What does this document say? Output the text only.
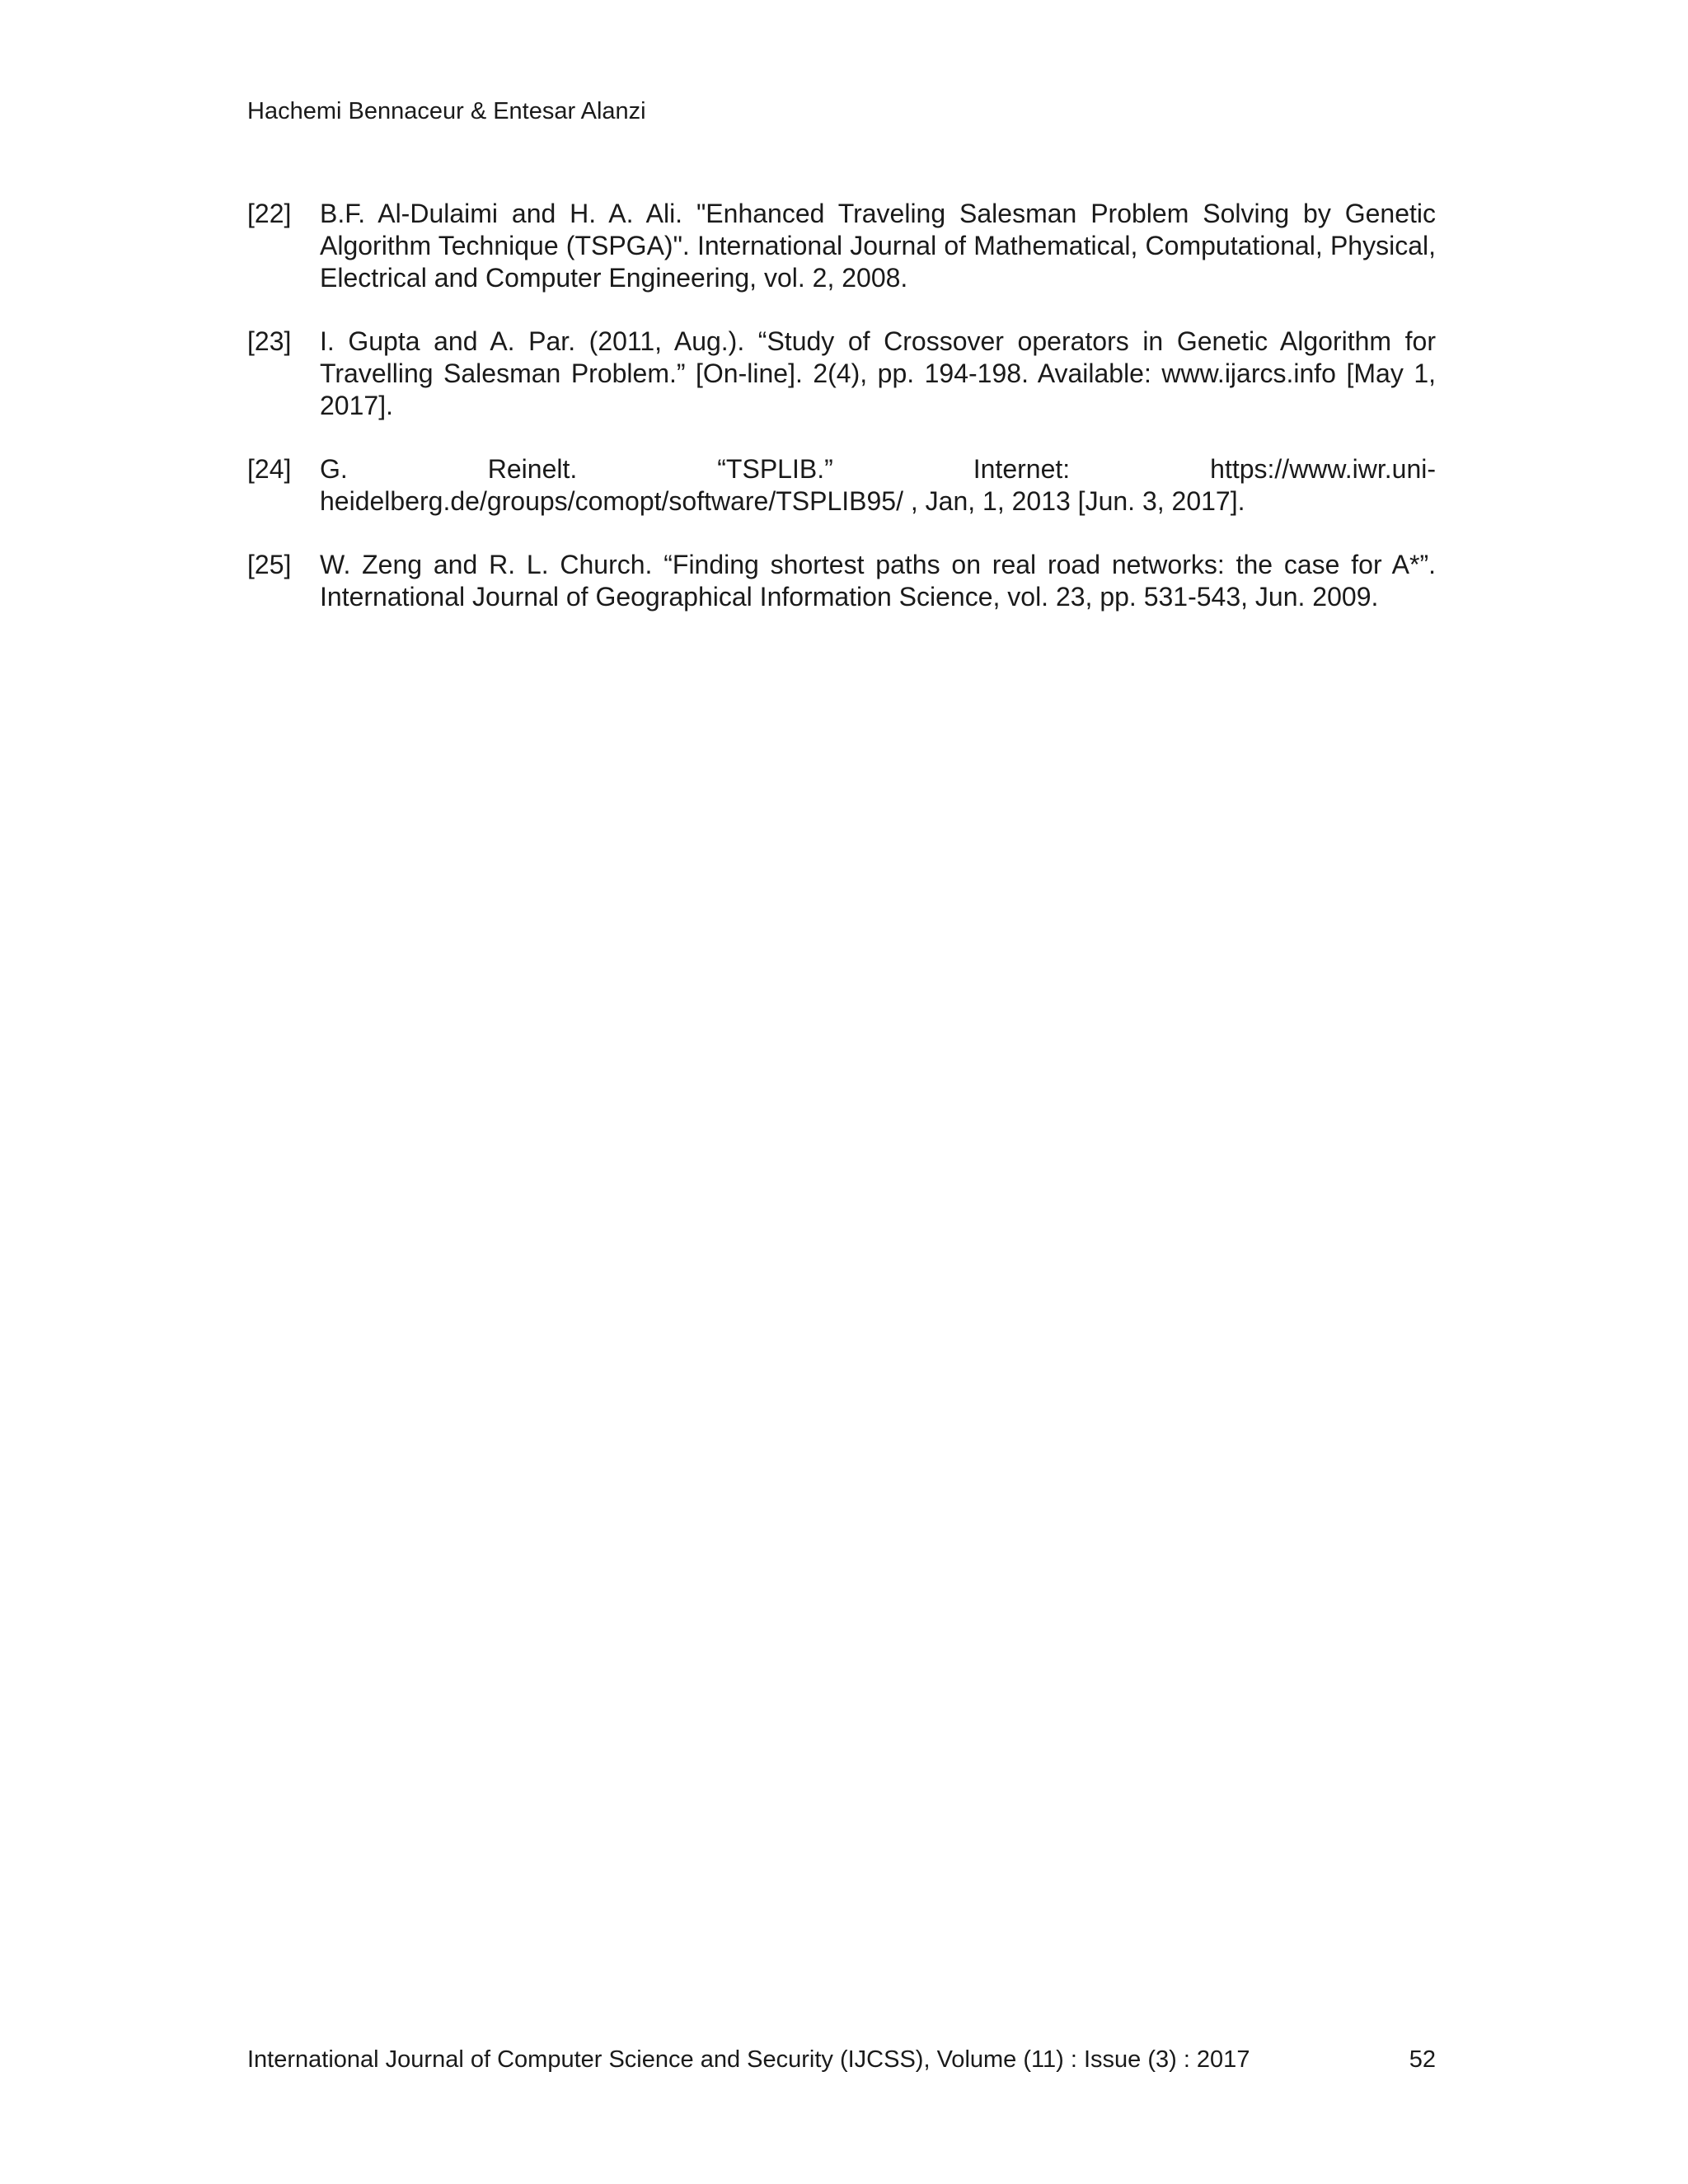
Hachemi Bennaceur & Entesar Alanzi
[22]	B.F. Al-Dulaimi and H. A. Ali. "Enhanced Traveling Salesman Problem Solving by Genetic Algorithm Technique (TSPGA)". International Journal of Mathematical, Computational, Physical, Electrical and Computer Engineering, vol. 2, 2008.
[23]	I. Gupta and A. Par. (2011, Aug.). “Study of Crossover operators in Genetic Algorithm for Travelling Salesman Problem.” [On-line]. 2(4), pp. 194-198. Available: www.ijarcs.info [May 1, 2017].
[24]	G. Reinelt. “TSPLIB.” Internet: https://www.iwr.uni-heidelberg.de/groups/comopt/software/TSPLIB95/ , Jan, 1, 2013 [Jun. 3, 2017].
[25]	W. Zeng and R. L. Church. “Finding shortest paths on real road networks: the case for A*”. International Journal of Geographical Information Science, vol. 23, pp. 531-543, Jun. 2009.
International Journal of Computer Science and Security (IJCSS), Volume (11) : Issue (3) : 2017	52
